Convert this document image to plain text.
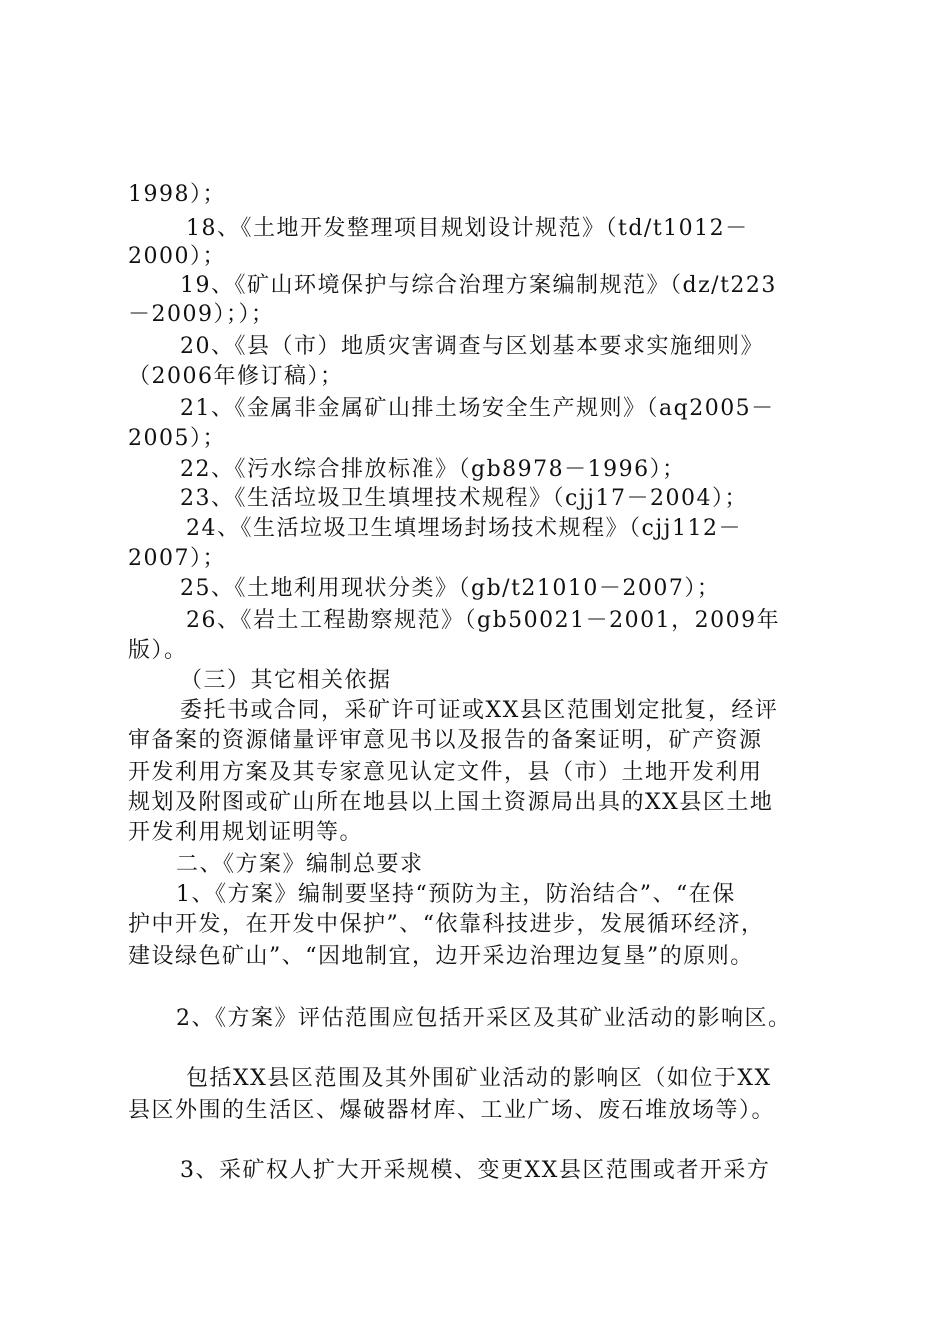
1998）；
18、《土地开发整理项目规划设计规范》（td/t1012－
2000）；
19、《矿山环境保护与综合治理方案编制规范》（dz/t223
－2009）；）；
20、《县（市）地质灾害调查与区划基本要求实施细则》
（2006年修订稿）；
21、《金属非金属矿山排土场安全生产规则》（aq2005－
2005）；
22、《污水综合排放标准》（gb8978－1996）；
23、《生活垃圾卫生填埋技术规程》（cjj17－2004）；
24、《生活垃圾卫生填埋场封场技术规程》（cjj112－
2007）；
25、《土地利用现状分类》（gb/t21010－2007）；
26、《岩土工程勘察规范》（gb50021－2001，2009年
版）。
（三）其它相关依据
委托书或合同，采矿许可证或XX县区范围划定批复，经评
审备案的资源储量评审意见书以及报告的备案证明，矿产资源
开发利用方案及其专家意见认定文件，县（市）土地开发利用
规划及附图或矿山所在地县以上国土资源局出具的XX县区土地
开发利用规划证明等。
二、《方案》编制总要求
1、《方案》编制要坚持“预防为主，防治结合”、“在保
护中开发，在开发中保护”、“依靠科技进步，发展循环经济，
建设绿色矿山”、“因地制宜，边开采边治理边复垦”的原则。
2、《方案》评估范围应包括开采区及其矿业活动的影响区。
包括XX县区范围及其外围矿业活动的影响区（如位于XX
县区外围的生活区、爆破器材库、工业广场、废石堆放场等）。
3、采矿权人扩大开采规模、变更XX县区范围或者开采方
